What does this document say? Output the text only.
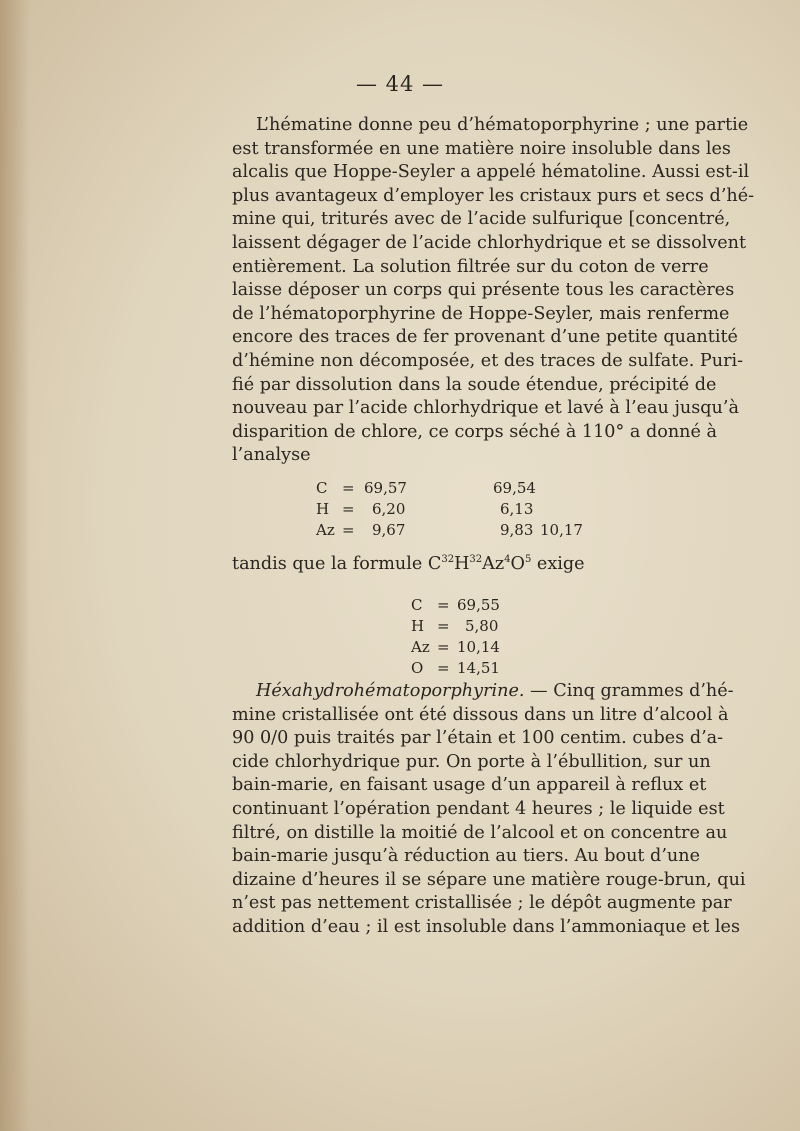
— 44 —
L’hématine donne peu d’hématoporphyrine ; une partie
est transformée en une matière noire insoluble dans les
alcalis que Hoppe-Seyler a appelé hématoline. Aussi est-il
plus avantageux d’employer les cristaux purs et secs d’hé-
mine qui, triturés avec de l’acide sulfurique [concentré,
laissent dégager de l’acide chlorhydrique et se dissolvent
entièrement. La solution filtrée sur du coton de verre
laisse déposer un corps qui présente tous les caractères
de l’hématoporphyrine de Hoppe-Seyler, mais renferme
encore des traces de fer provenant d’une petite quantité
d’hémine non décomposée, et des traces de sulfate. Puri-
fié par dissolution dans la soude étendue, précipité de
nouveau par l’acide chlorhydrique et lavé à l’eau jusqu’à
disparition de chlore, ce corps séché à 110° a donné à
l’analyse
C = 69,57	69,54
H = 6,20	6,13
Az = 9,67	9,83 10,17
tandis que la formule $C^{32}H^{32}Az^4O^5$ exige
C = 69,55
H = 5,80
Az = 10,14
O = 14,51
Héxahydrohématoporphyrine. — Cinq grammes d’hé-
mine cristallisée ont été dissous dans un litre d’alcool à
90 0/0 puis traités par l’étain et 100 centim. cubes d’a-
cide chlorhydrique pur. On porte à l’ébullition, sur un
bain-marie, en faisant usage d’un appareil à reflux et
continuant l’opération pendant 4 heures ; le liquide est
filtré, on distille la moitié de l’alcool et on concentre au
bain-marie jusqu’à réduction au tiers. Au bout d’une
dizaine d’heures il se sépare une matière rouge-brun, qui
n’est pas nettement cristallisée ; le dépôt augmente par
addition d’eau ; il est insoluble dans l’ammoniaque et les
